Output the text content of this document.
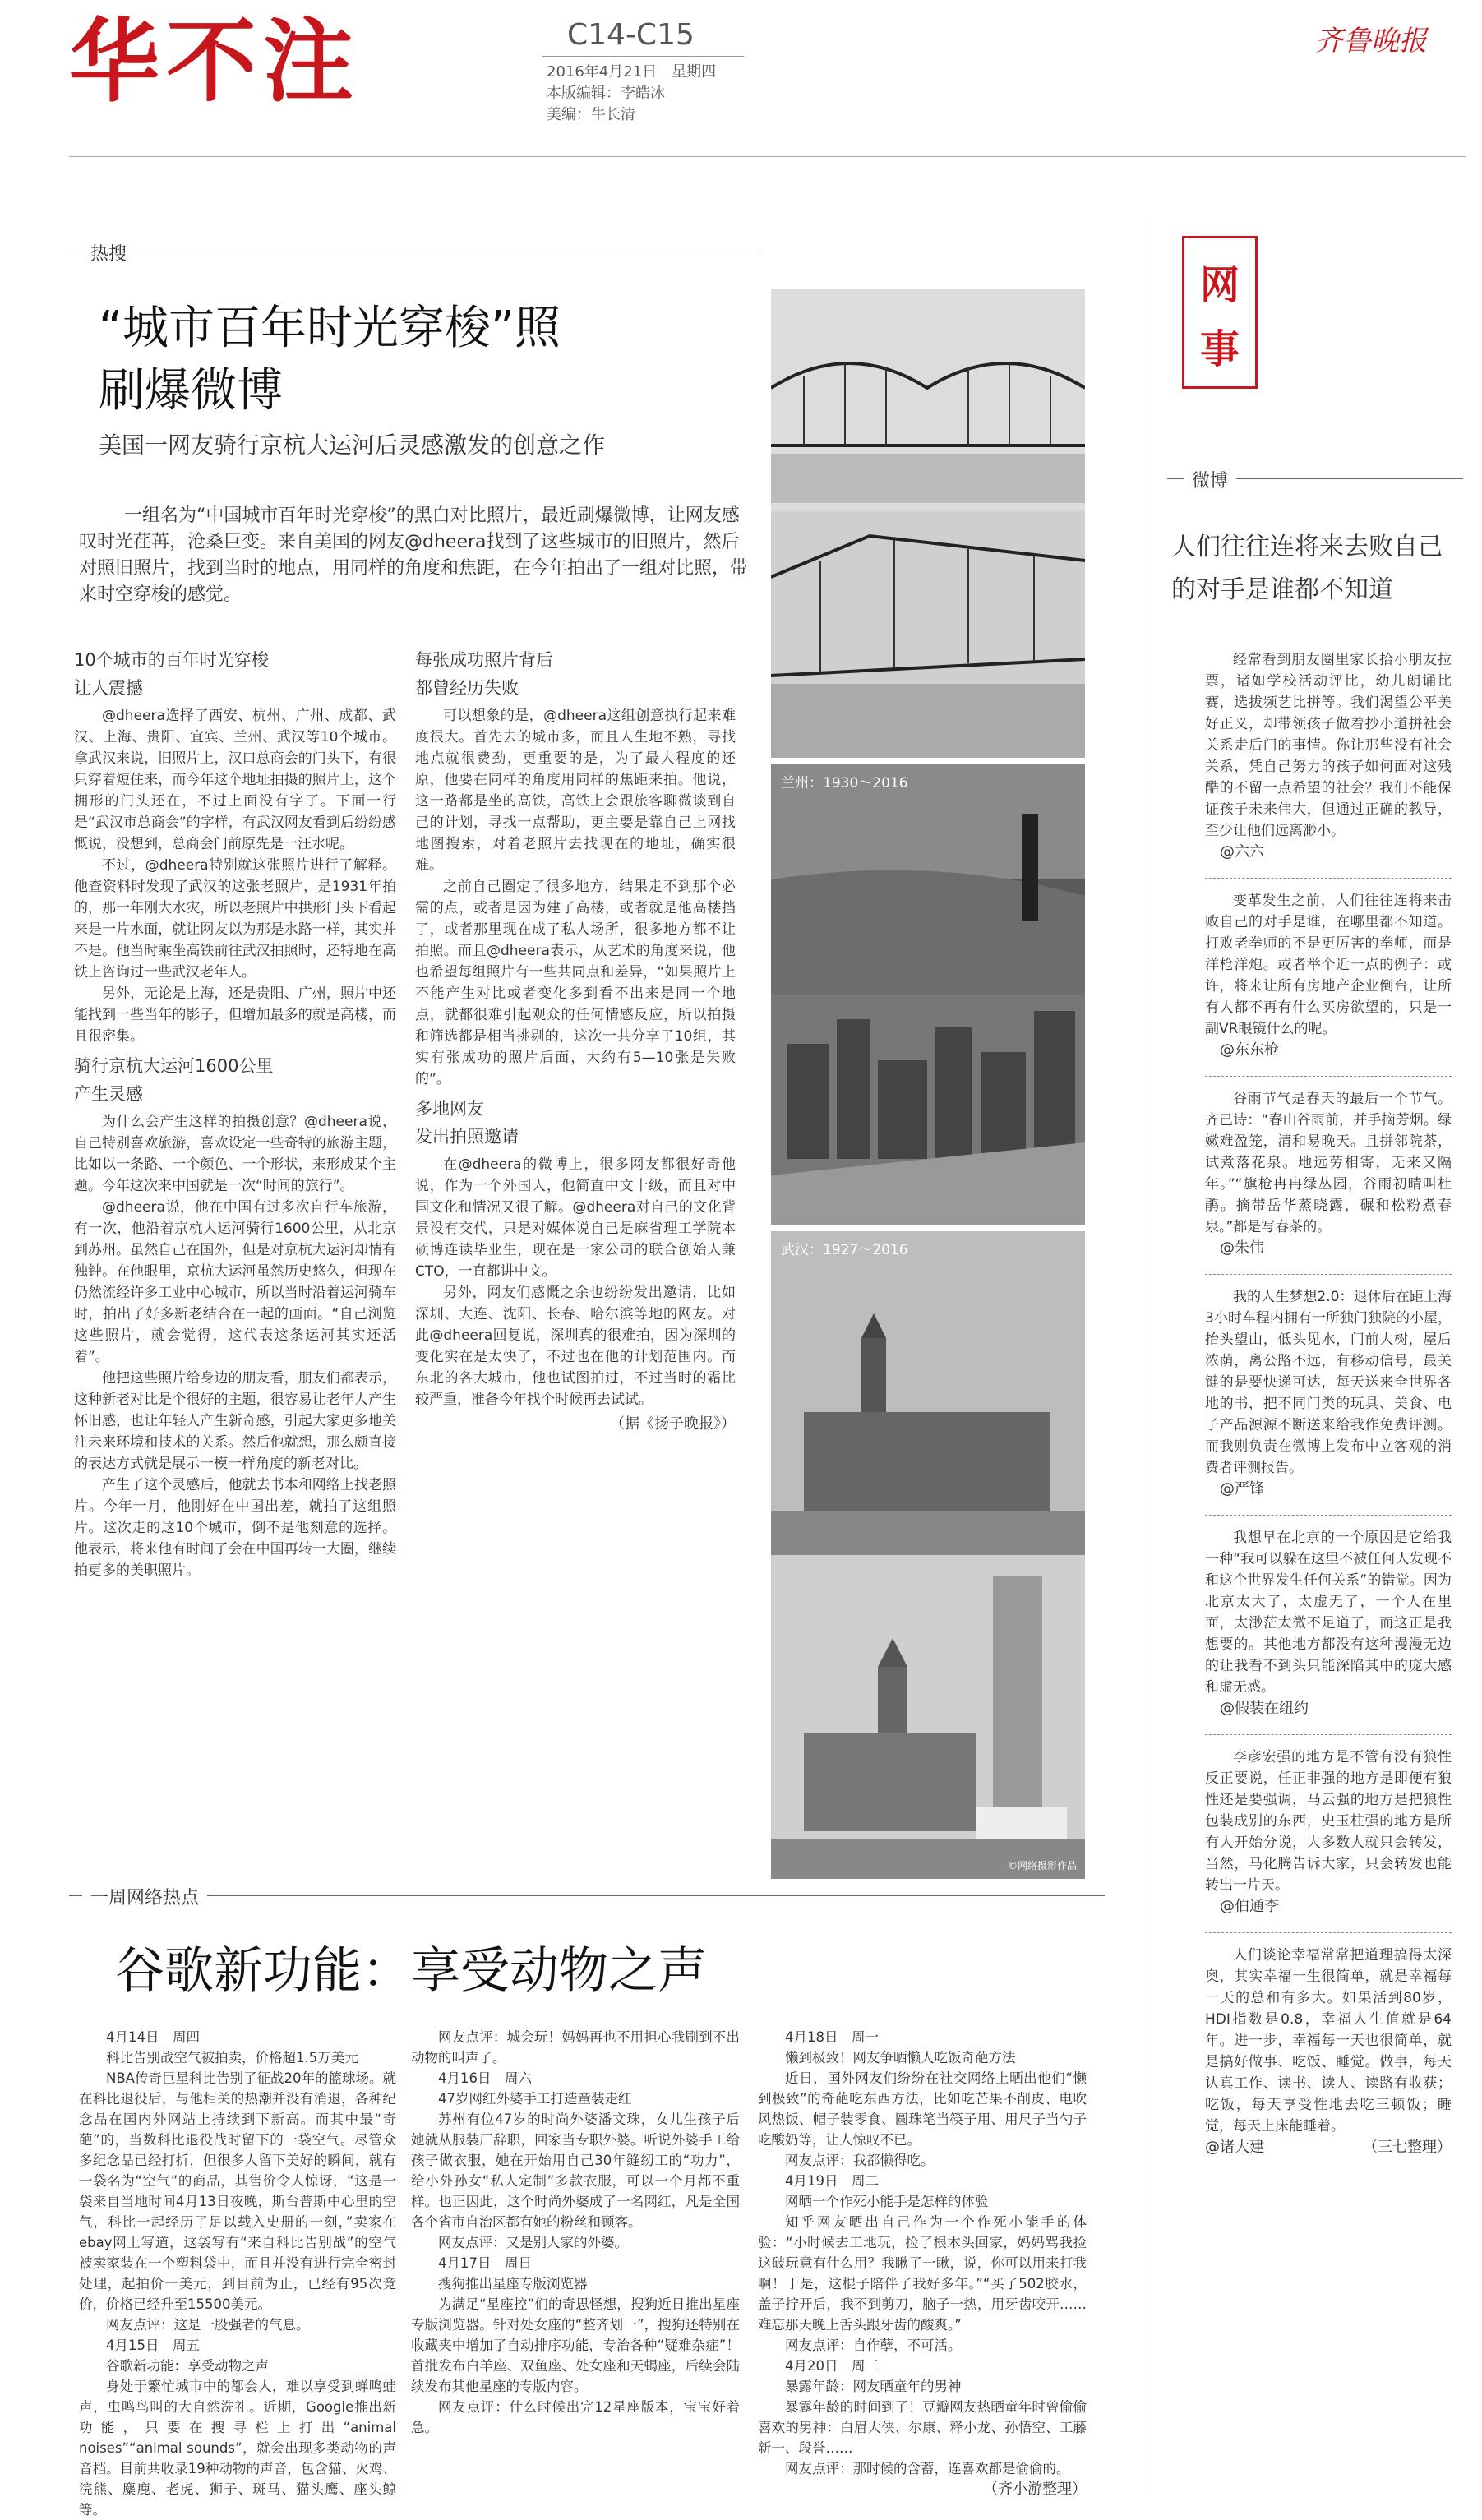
华不注	C14-C15
2016年4月21日　星期四
本版编辑：李皓冰
美编：牛长清
齐鲁晚报
热搜
“城市百年时光穿梭”照
刷爆微博
美国一网友骑行京杭大运河后灵感激发的创意之作
一组名为“中国城市百年时光穿梭”的黑白对比照片，最近刷爆微博，让网友感叹时光荏苒，沧桑巨变。来自美国的网友@dheera找到了这些城市的旧照片，然后对照旧照片，找到当时的地点，用同样的角度和焦距，在今年拍出了一组对比照，带来时空穿梭的感觉。
10个城市的百年时光穿梭
让人震撼

@dheera选择了西安、杭州、广州、成都、武汉、上海、贵阳、宜宾、兰州、武汉等10个城市。拿武汉来说，旧照片上，汉口总商会的门头下，有很只穿着短住来，而今年这个地址拍摄的照片上，这个拥形的门头还在，不过上面没有字了。下面一行是“武汉市总商会”的字样，有武汉网友看到后纷纷感慨说，没想到，总商会门前原先是一汪水呢。

不过，@dheera特别就这张照片进行了解释。他查资料时发现了武汉的这张老照片，是1931年拍的，那一年刚大水灾，所以老照片中拱形门头下看起来是一片水面，就让网友以为那是水路一样，其实并不是。他当时乘坐高铁前往武汉拍照时，还特地在高铁上咨询过一些武汉老年人。

另外，无论是上海，还是贵阳、广州，照片中还能找到一些当年的影子，但增加最多的就是高楼，而且很密集。

骑行京杭大运河1600公里
产生灵感

为什么会产生这样的拍摄创意？@dheera说，自己特别喜欢旅游，喜欢设定一些奇特的旅游主题，比如以一条路、一个颜色、一个形状，来形成某个主题。今年这次来中国就是一次“时间的旅行”。

@dheera说，他在中国有过多次自行车旅游，有一次，他沿着京杭大运河骑行1600公里，从北京到苏州。虽然自己在国外，但是对京杭大运河却情有独钟。在他眼里，京杭大运河虽然历史悠久，但现在仍然流经许多工业中心城市，所以当时沿着运河骑车时，拍出了好多新老结合在一起的画面。“自己浏览这些照片，就会觉得，这代表这条运河其实还活着”。

他把这些照片给身边的朋友看，朋友们都表示，这种新老对比是个很好的主题，很容易让老年人产生怀旧感，也让年轻人产生新奇感，引起大家更多地关注未来环境和技术的关系。然后他就想，那么颇直接的表达方式就是展示一模一样角度的新老对比。

产生了这个灵感后，他就去书本和网络上找老照片。今年一月，他刚好在中国出差，就拍了这组照片。这次走的这10个城市，倒不是他刻意的选择。他表示，将来他有时间了会在中国再转一大圈，继续拍更多的美职照片。

每张成功照片背后
都曾经历失败

可以想象的是，@dheera这组创意执行起来难度很大。首先去的城市多，而且人生地不熟，寻找地点就很费劲，更重要的是，为了最大程度的还原，他要在同样的角度用同样的焦距来拍。他说，这一路都是坐的高铁，高铁上会跟旅客聊微谈到自己的计划，寻找一点帮助，更主要是靠自己上网找地图搜索，对着老照片去找现在的地址，确实很难。

之前自己圈定了很多地方，结果走不到那个必需的点，或者是因为建了高楼，或者就是他高楼挡了，或者那里现在成了私人场所，很多地方都不让拍照。而且@dheera表示，从艺术的角度来说，他也希望每组照片有一些共同点和差异，“如果照片上不能产生对比或者变化多到看不出来是同一个地点，就都很难引起观众的任何情感反应，所以拍摄和筛选都是相当挑剔的，这次一共分享了10组，其实有张成功的照片后面，大约有5—10张是失败的”。

多地网友
发出拍照邀请

在@dheera的微博上，很多网友都很好奇他说，作为一个外国人，他简直中文十级，而且对中国文化和情况又很了解。@dheera对自己的文化背景没有交代，只是对媒体说自己是麻省理工学院本硕博连读毕业生，现在是一家公司的联合创始人兼CTO，一直都讲中文。

另外，网友们感慨之余也纷纷发出邀请，比如深圳、大连、沈阳、长春、哈尔滨等地的网友。对此@dheera回复说，深圳真的很难拍，因为深圳的变化实在是太快了，不过也在他的计划范围内。而东北的各大城市，他也试图拍过，不过当时的霜比较严重，准备今年找个时候再去试试。

（据《扬子晚报》）
兰州：1930～2016
武汉：1927～2016
©网络摄影作品
一周网络热点
谷歌新功能：享受动物之声
4月14日　周四

科比告别战空气被拍卖，价格超1.5万美元

NBA传奇巨星科比告别了征战20年的篮球场。就在科比退役后，与他相关的热潮并没有消退，各种纪念品在国内外网站上持续到下新高。而其中最“奇葩”的，当数科比退役战时留下的一袋空气。尽管众多纪念品已经打折，但很多人留下美好的瞬间，就有一袋名为“空气”的商品，其售价令人惊讶，“这是一袋来自当地时间4月13日夜晚，斯台普斯中心里的空气，科比一起经历了足以载入史册的一刻，”卖家在ebay网上写道，这袋写有“来自科比告别战”的空气被卖家装在一个塑料袋中，而且并没有进行完全密封处理，起拍价一美元，到目前为止，已经有95次竞价，价格已经升至15500美元。

网友点评：这是一股强者的气息。

4月15日　周五

谷歌新功能：享受动物之声

身处于繁忙城市中的都会人，难以享受到蝉鸣蛙声，虫鸣鸟叫的大自然洗礼。近期，Google推出新功能，只要在搜寻栏上打出“animal noises”“animal sounds”，就会出现多类动物的声音档。目前共收录19种动物的声音，包含猫、火鸡、浣熊、麋鹿、老虎、狮子、斑马、猫头鹰、座头鲸等。

网友点评：城会玩！妈妈再也不用担心我刷到不出动物的叫声了。

4月16日　周六

47岁网红外婆手工打造童装走红

苏州有位47岁的时尚外婆潘文珠，女儿生孩子后她就从服装厂辞职，回家当专职外婆。听说外婆手工给孩子做衣服，她在开始用自己30年缝纫工的“功力”，给小外孙女“私人定制”多款衣服，可以一个月都不重样。也正因此，这个时尚外婆成了一名网红，凡是全国各个省市自治区都有她的粉丝和顾客。

网友点评：又是别人家的外婆。

4月17日　周日

搜狗推出星座专版浏览器

为满足“星座控”们的奇思怪想，搜狗近日推出星座专版浏览器。针对处女座的“整齐划一”，搜狗还特别在收藏夹中增加了自动排序功能，专治各种“疑难杂症”！首批发布白羊座、双鱼座、处女座和天蝎座，后续会陆续发布其他星座的专版内容。

网友点评：什么时候出完12星座版本，宝宝好着急。

4月18日　周一

懒到极致！网友争晒懒人吃饭奇葩方法

近日，国外网友们纷纷在社交网络上晒出他们“懒到极致”的奇葩吃东西方法，比如吃芒果不削皮、电吹风热饭、帽子装零食、圆珠笔当筷子用、用尺子当勺子吃酸奶等，让人惊叹不已。

网友点评：我都懒得吃。

4月19日　周二

网晒一个作死小能手是怎样的体验

知乎网友晒出自己作为一个作死小能手的体验：“小时候去工地玩，捡了根木头回家，妈妈骂我捡这破玩意有什么用？我瞅了一瞅，说，你可以用来打我啊！于是，这棍子陪伴了我好多年。”“买了502胶水，盖子拧开后，我不到剪刀，脑子一热，用牙齿咬开……难忘那天晚上舌头跟牙齿的酸爽。”

网友点评：自作孽，不可活。

4月20日　周三

暴露年龄：网友晒童年的男神

暴露年龄的时间到了！豆瓣网友热晒童年时曾偷偷喜欢的男神：白眉大侠、尔康、释小龙、孙悟空、工藤新一、段誉……

网友点评：那时候的含蓄，连喜欢都是偷偷的。

（齐小游整理）
网
事
微博
人们往往连将来去败自己
的对手是谁都不知道

经常看到朋友圈里家长拾小朋友拉票，诸如学校活动评比，幼儿朗诵比赛，选拔频艺比拼等。我们渴望公平美好正义，却带领孩子做着抄小道拼社会关系走后门的事情。你让那些没有社会关系，凭自己努力的孩子如何面对这残酷的不留一点希望的社会？我们不能保证孩子未来伟大，但通过正确的教导，至少让他们远离渺小。

@六六

变革发生之前，人们往往连将来击败自己的对手是谁，在哪里都不知道。打败老拳师的不是更厉害的拳师，而是洋枪洋炮。或者举个近一点的例子：或许，将来让所有房地产企业倒台，让所有人都不再有什么买房欲望的，只是一副VR眼镜什么的呢。

@东东枪

谷雨节气是春天的最后一个节气。齐己诗：“春山谷雨前，并手摘芳烟。绿嫩难盈笼，清和易晚天。且拼邻院茶，试煮落花泉。地远劳相寄，无来又隔年。”“旗枪冉冉绿丛园，谷雨初晴叫杜鹃。摘带岳华蒸晓露，碾和松粉煮春泉。”都是写春茶的。

@朱伟

我的人生梦想2.0：退休后在距上海3小时车程内拥有一所独门独院的小屋，抬头望山，低头见水，门前大树，屋后浓荫，离公路不远，有移动信号，最关键的是要快递可达，每天送来全世界各地的书，把不同门类的玩具、美食、电子产品源源不断送来给我作免费评测。而我则负责在微博上发布中立客观的消费者评测报告。

@严锋

我想早在北京的一个原因是它给我一种“我可以躲在这里不被任何人发现不和这个世界发生任何关系”的错觉。因为北京太大了，太虚无了，一个人在里面，太渺茫太微不足道了，而这正是我想要的。其他地方都没有这种漫漫无边的让我看不到头只能深陷其中的庞大感和虚无感。

@假装在纽约

李彦宏强的地方是不管有没有狼性反正要说，任正非强的地方是即便有狼性还是要强调，马云强的地方是把狼性包装成别的东西，史玉柱强的地方是所有人开始分说，大多数人就只会转发，当然，马化腾告诉大家，只会转发也能转出一片天。

@伯通李

人们谈论幸福常常把道理搞得太深奥，其实幸福一生很简单，就是幸福每一天的总和有多大。如果活到80岁，HDI指数是0.8，幸福人生值就是64年。进一步，幸福每一天也很简单，就是搞好做事、吃饭、睡觉。做事，每天认真工作、读书、读人、读路有收获；吃饭，每天享受性地去吃三顿饭；睡觉，每天上床能睡着。

@诸大建	（三七整理）
